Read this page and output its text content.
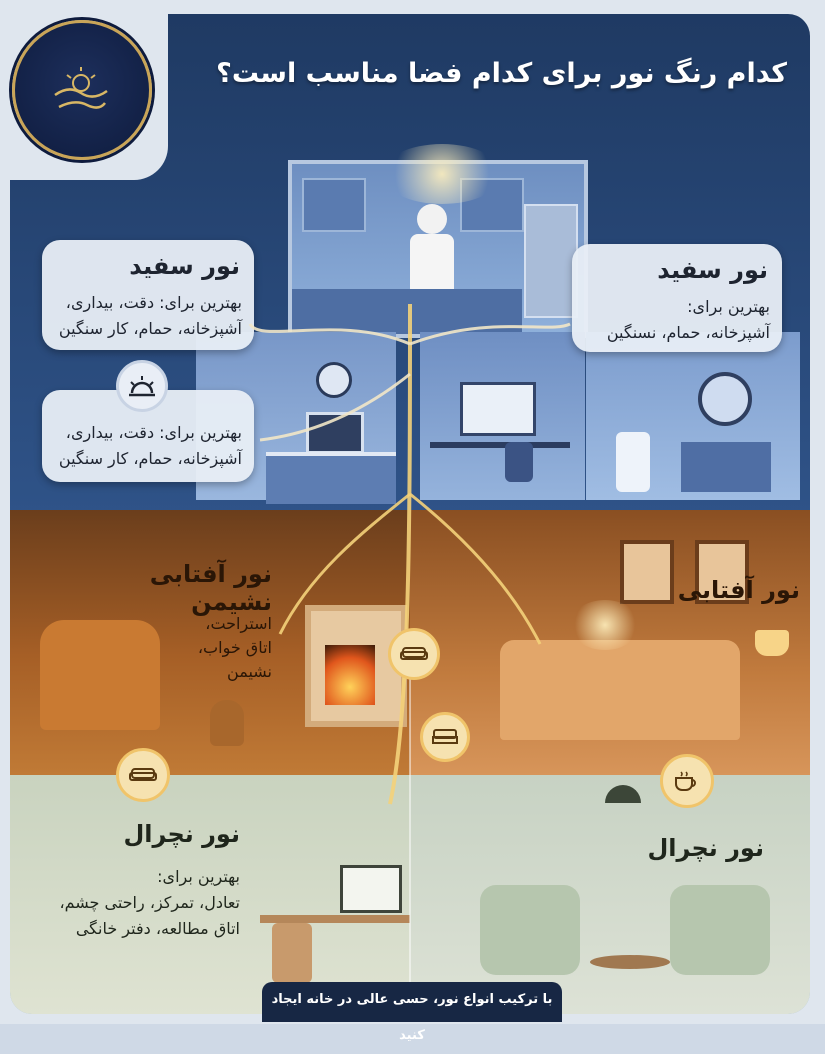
نور سفید
بهترین برای: دقت، بیداری،
آشپزخانه، حمام، کار سنگین
بهترین برای: دقت، بیداری،
آشپزخانه، حمام، کار سنگین
نور سفید
بهترین برای:
آشپزخانه، حمام، نسنگین
نور آفتابی نشیمن
استراحت،
اتاق خواب،
نشیمن
نور آفتابی
نور نچرال
بهترین برای:
تعادل، تمرکز، راحتی چشم،
اتاق مطالعه، دفتر خانگی
نور نچرال
کدام رنگ نور برای کدام فضا مناسب است؟
با ترکیب انواع نور، حسی عالی در خانه ایجاد کنید
